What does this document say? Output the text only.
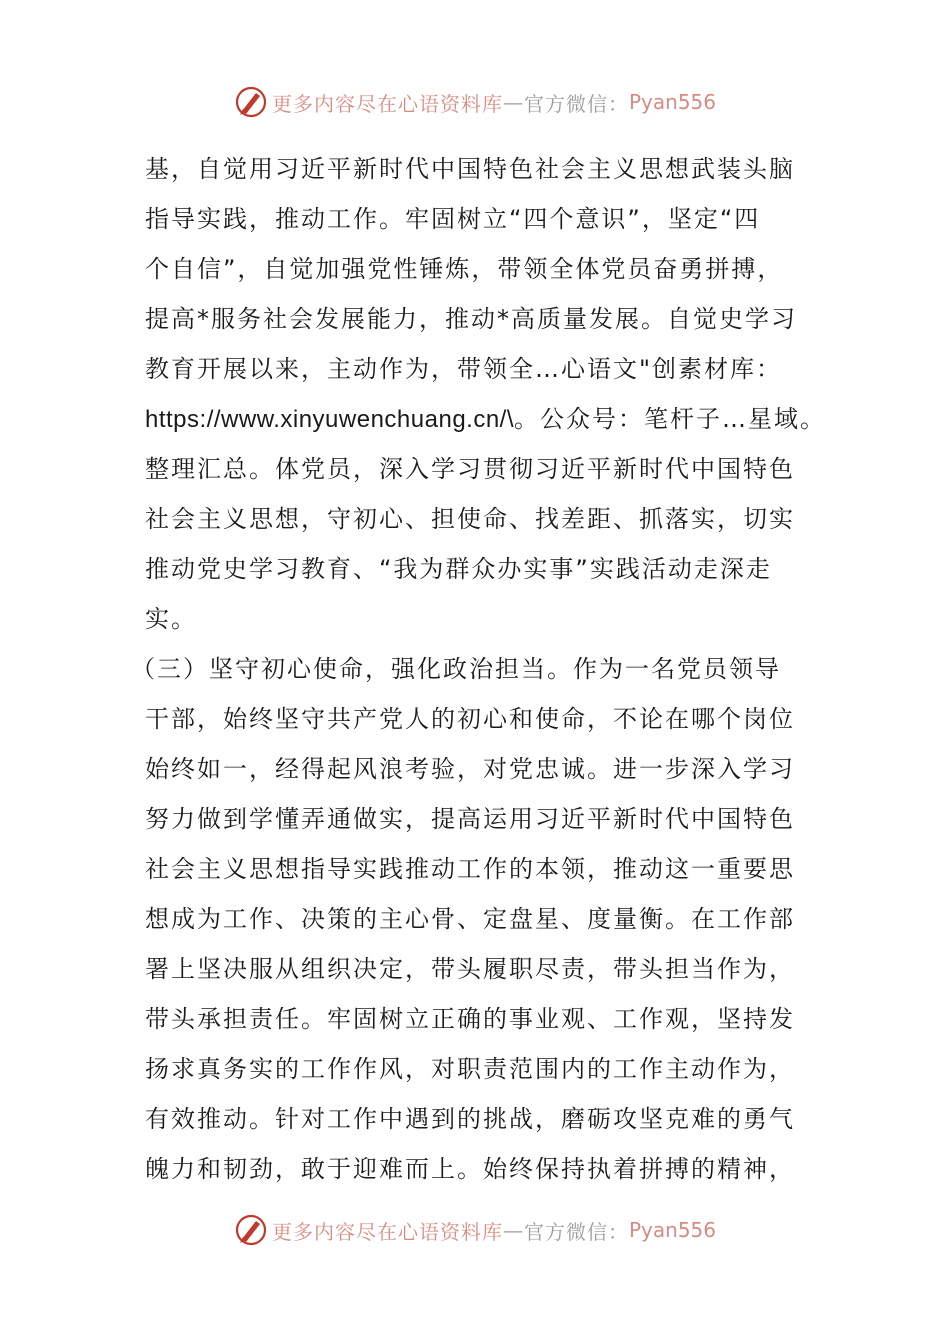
更多内容尽在心语资料库 — 官方微信： Pyan556
基，自觉用习近平新时代中国特色社会主义思想武装头脑
指导实践，推动工作。牢固树立“四个意识”，坚定“四
个自信”，自觉加强党性锤炼，带领全体党员奋勇拼搏，
提高*服务社会发展能力，推动*高质量发展。自觉史学习
教育开展以来，主动作为，带领全…心语文"创素材库：
https://www.xinyuwenchuang.cn/\。公众号：笔杆子…星域。
整理汇总。体党员，深入学习贯彻习近平新时代中国特色
社会主义思想，守初心、担使命、找差距、抓落实，切实
推动党史学习教育、“我为群众办实事”实践活动走深走
实。
（三）坚守初心使命，强化政治担当。作为一名党员领导
干部，始终坚守共产党人的初心和使命，不论在哪个岗位
始终如一，经得起风浪考验，对党忠诚。进一步深入学习
努力做到学懂弄通做实，提高运用习近平新时代中国特色
社会主义思想指导实践推动工作的本领，推动这一重要思
想成为工作、决策的主心骨、定盘星、度量衡。在工作部
署上坚决服从组织决定，带头履职尽责，带头担当作为，
带头承担责任。牢固树立正确的事业观、工作观，坚持发
扬求真务实的工作作风，对职责范围内的工作主动作为，
有效推动。针对工作中遇到的挑战，磨砺攻坚克难的勇气
魄力和韧劲，敢于迎难而上。始终保持执着拼搏的精神，
更多内容尽在心语资料库 — 官方微信： Pyan556
